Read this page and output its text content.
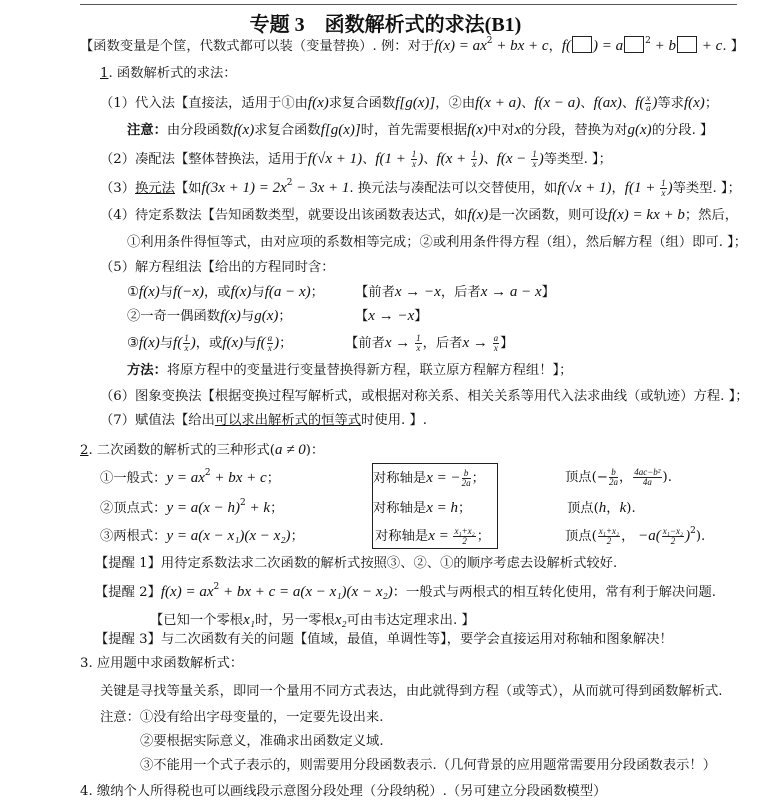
专题 3　函数解析式的求法(B1)
【函数变量是个筐，代数式都可以装（变量替换）. 例：对于$f(x) = ax^2$ + bx + c，f( ) = a $^2$ + b + c. 】
1. 函数解析式的求法：
（1）代入法【直接法，适用于①由f(x)求复合函数f[g(x)]，②由f(x + a)、f(x − a)、f(ax)、$f( \frac{x}{a}$ )等求f(x)；
注意：由分段函数f(x)求复合函数f[g(x)]时，首先需要根据f(x)中对x的分段，替换为对g(x)的分段. 】
（2）凑配法【整体替换法，适用于f(√x + 1)、$f(1 + \frac{1}{x}$ )、$f(x + \frac{1}{x}$ )、$f(x - \frac{1}{x}$ )等类型. 】；
（3）换元法【如$f(3x + 1) = 2x^2 - 3x + 1$. 换元法与凑配法可以交替使用，如f(√x + 1)，$f(1 + \frac{1}{x}$ )等类型. 】；
（4）待定系数法【告知函数类型，就要设出该函数表达式，如f(x)是一次函数，则可设f(x) = kx + b；然后，
①利用条件得恒等式，由对应项的系数相等完成；②或利用条件得方程（组），然后解方程（组）即可. 】；
（5）解方程组法【给出的方程同时含：
①f(x)与f(−x)，或f(x)与f(a − x)； 【前者x → −x，后者x → a − x】
②一奇一偶函数f(x)与g(x)；	【x → −x】
③f(x)与$f( \frac{1}{x}$ )，或f(x)与$f( \frac{a}{x}$ )；	【前者$x \to \frac{1}{x}$ ，后者$x \to \frac{a}{x}$ 】
方法：将原方程中的变量进行变量替换得新方程，联立原方程解方程组！】；
（6）图象变换法【根据变换过程写解析式，或根据对称关系、相关关系等用代入法求曲线（或轨迹）方程. 】；
（7）赋值法【给出可以求出解析式的恒等式时使用. 】.
2. 二次函数的解析式的三种形式(a ≠ 0)：
①一般式：$y = ax^2$ + bx + c；	对称轴是x = − $\frac{b}{2a}$ ；	顶点(− $\frac{b}{2a}$ ， $\frac{\text{4ac−b²}}{4a}$ ).
②顶点式：$y = a(x - h)^2 + k$；	对称轴是x = h；	顶点(h，k).
③两根式：y = a(x − x₁)(x − x₂)；	对称轴是$x = \frac{\text{x₁+x₂}}{2}$ ；	顶点( $\frac{\text{x₁+x₂}}{2}$ ， $-a( \frac{\text{x₁−x₂}}{2} )^2$).
【提醒 1】用待定系数法求二次函数的解析式按照③、②、①的顺序考虑去设解析式较好.
【提醒 2】$f(x) = ax^2$ + bx + c = a(x − x₁)(x − x₂)：一般式与两根式的相互转化使用，常有利于解决问题.
【已知一个零根x₁时，另一零根x₂可由韦达定理求出. 】
【提醒 3】与二次函数有关的问题【值域，最值，单调性等】，要学会直接运用对称轴和图象解决！
3. 应用题中求函数解析式：
关键是寻找等量关系，即同一个量用不同方式表达，由此就得到方程（或等式），从而就可得到函数解析式.
注意：①没有给出字母变量的，一定要先设出来.
②要根据实际意义，准确求出函数定义域.
③不能用一个式子表示的，则需要用分段函数表示.（几何背景的应用题常需要用分段函数表示！）
4. 缴纳个人所得税也可以画线段示意图分段处理（分段纳税）.（另可建立分段函数模型）
